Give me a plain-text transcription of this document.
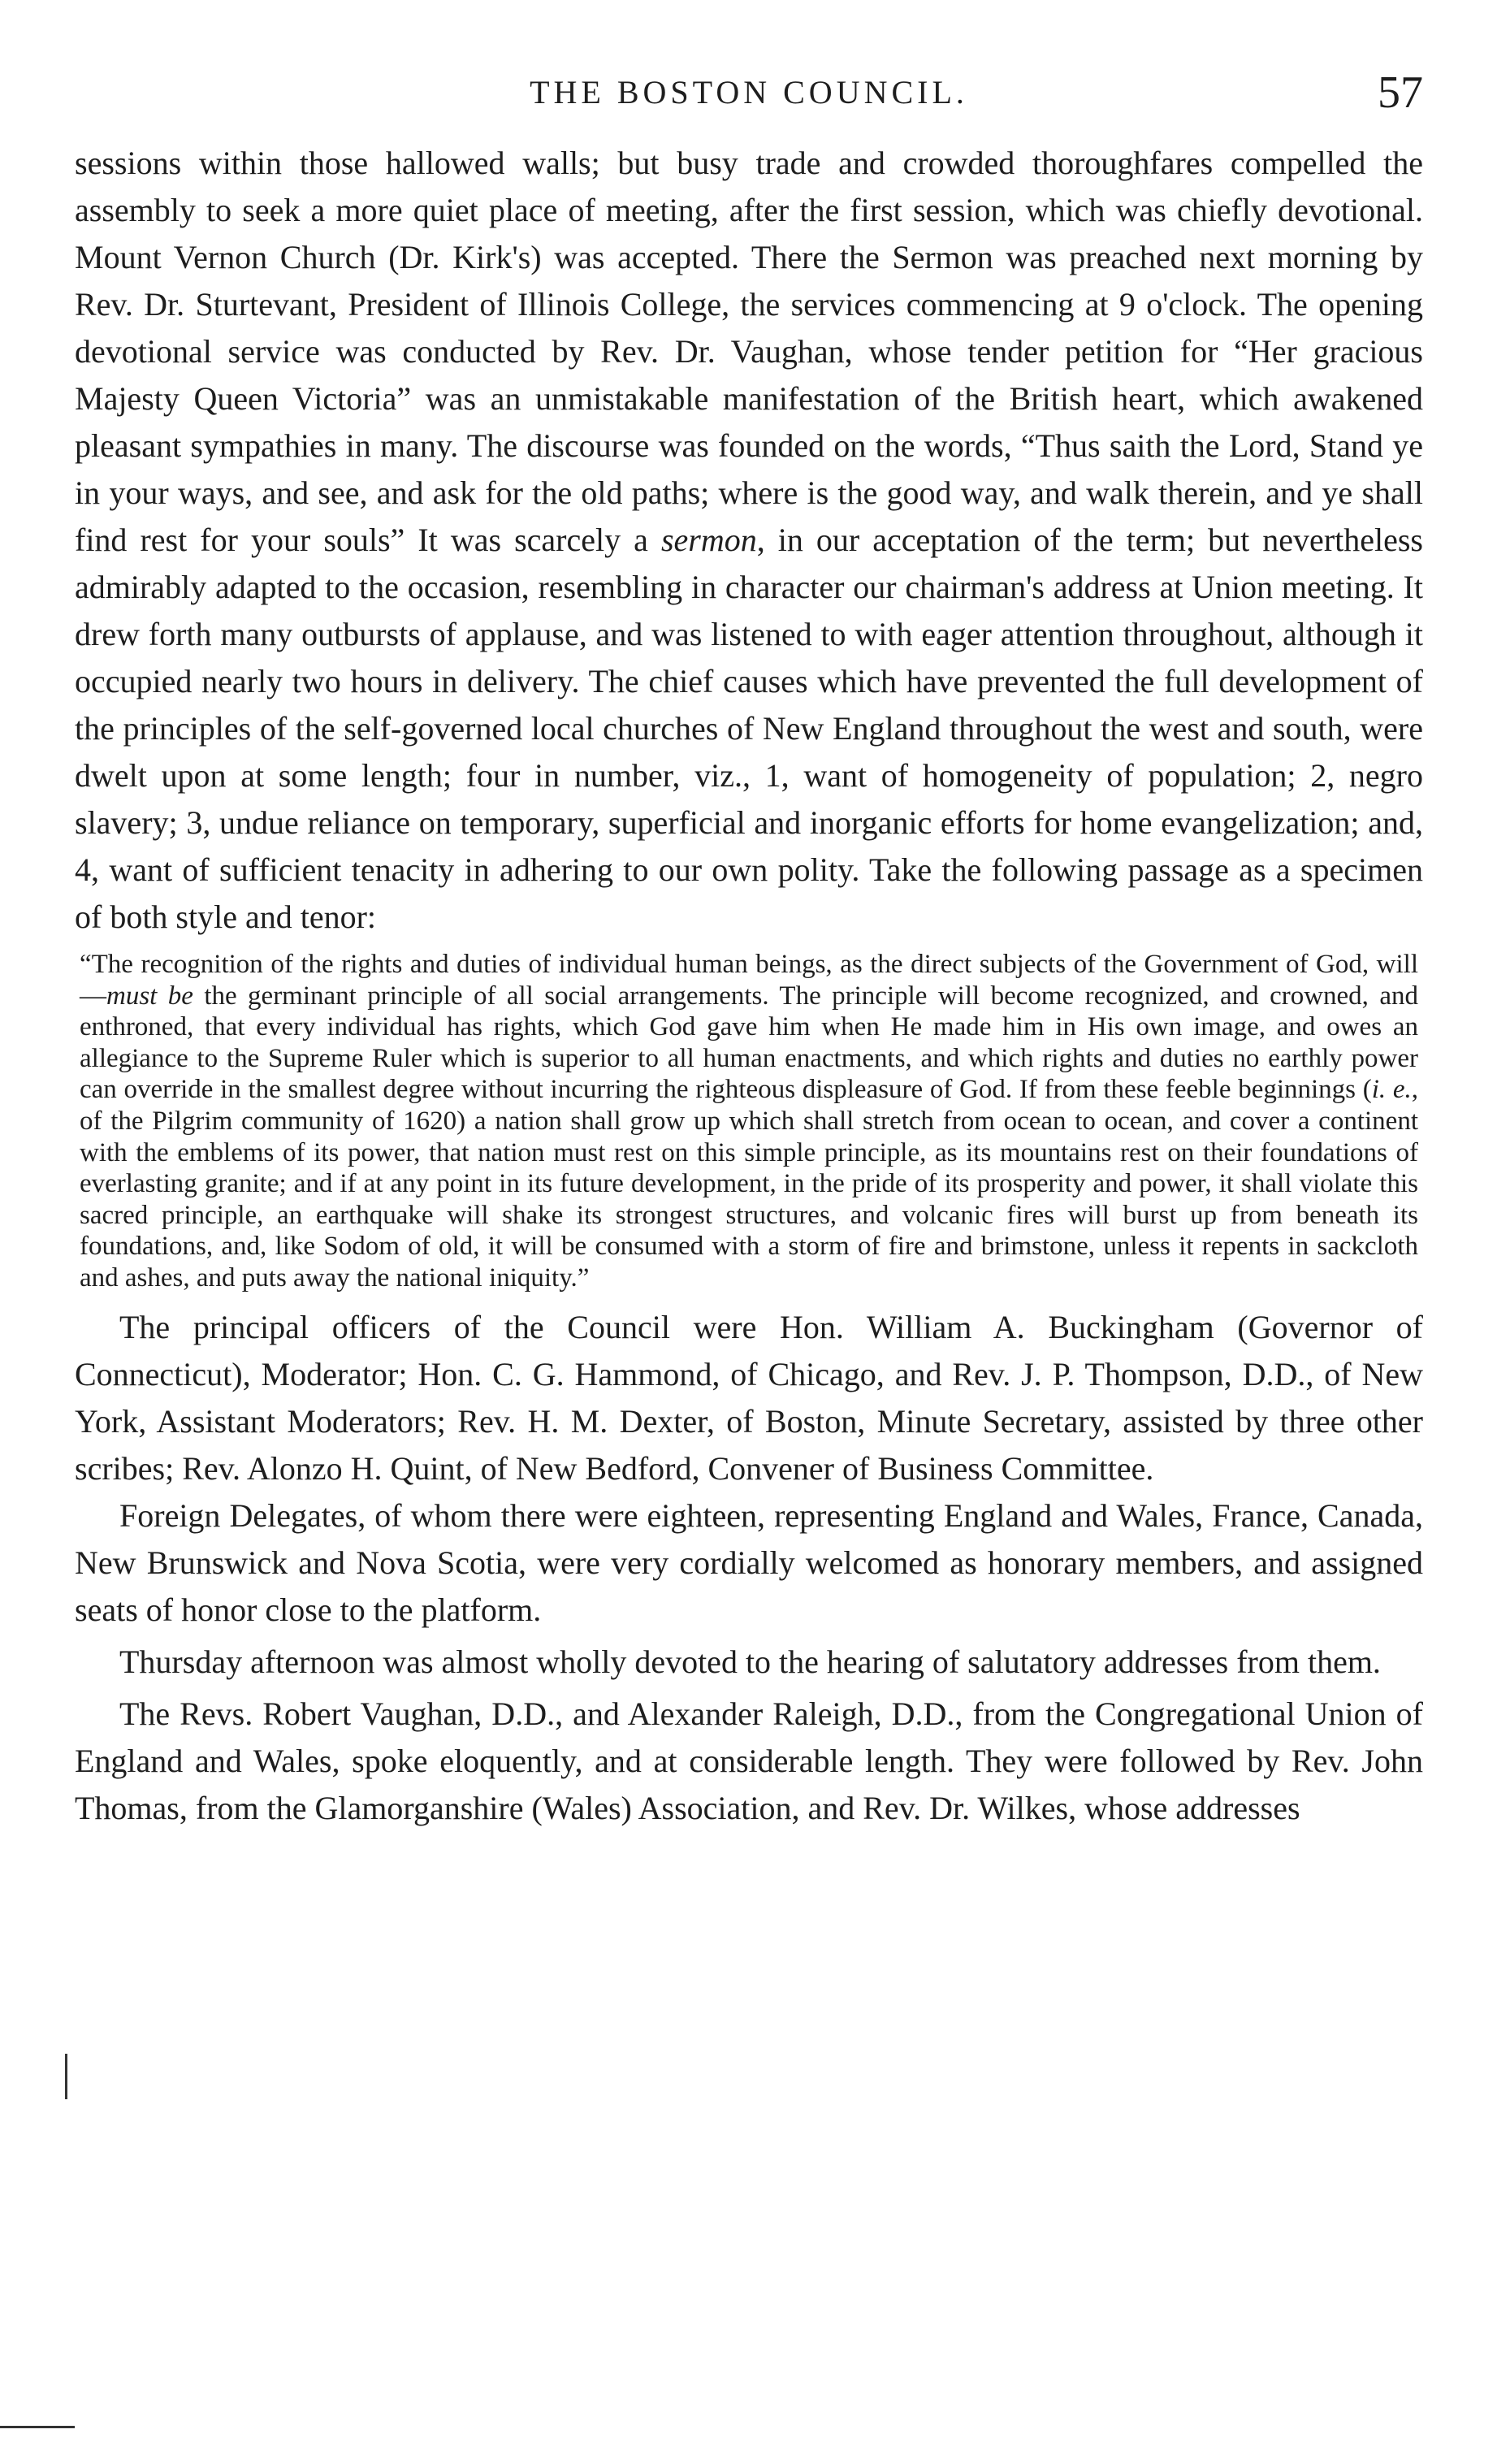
THE BOSTON COUNCIL.	57

sessions within those hallowed walls; but busy trade and crowded thoroughfares compelled the assembly to seek a more quiet place of meeting, after the first session, which was chiefly devotional. Mount Vernon Church (Dr. Kirk's) was accepted. There the Sermon was preached next morning by Rev. Dr. Sturtevant, President of Illinois College, the services commencing at 9 o'clock. The opening devotional service was conducted by Rev. Dr. Vaughan, whose tender petition for “Her gracious Majesty Queen Victoria” was an unmistakable manifestation of the British heart, which awakened pleasant sympathies in many. The discourse was founded on the words, “Thus saith the Lord, Stand ye in your ways, and see, and ask for the old paths; where is the good way, and walk therein, and ye shall find rest for your souls” It was scarcely a sermon, in our acceptation of the term; but nevertheless admirably adapted to the occasion, resembling in character our chairman's address at Union meeting. It drew forth many outbursts of applause, and was listened to with eager attention throughout, although it occupied nearly two hours in delivery. The chief causes which have prevented the full development of the principles of the self-governed local churches of New England throughout the west and south, were dwelt upon at some length; four in number, viz., 1, want of homogeneity of population; 2, negro slavery; 3, undue reliance on temporary, superficial and inorganic efforts for home evangelization; and, 4, want of sufficient tenacity in adhering to our own polity. Take the following passage as a specimen of both style and tenor:

“The recognition of the rights and duties of individual human beings, as the direct subjects of the Government of God, will—must be the germinant principle of all social arrangements. The principle will become recognized, and crowned, and enthroned, that every individual has rights, which God gave him when He made him in His own image, and owes an allegiance to the Supreme Ruler which is superior to all human enactments, and which rights and duties no earthly power can override in the smallest degree without incurring the righteous displeasure of God. If from these feeble beginnings (i. e., of the Pilgrim community of 1620) a nation shall grow up which shall stretch from ocean to ocean, and cover a continent with the emblems of its power, that nation must rest on this simple principle, as its mountains rest on their foundations of everlasting granite; and if at any point in its future development, in the pride of its prosperity and power, it shall violate this sacred principle, an earthquake will shake its strongest structures, and volcanic fires will burst up from beneath its foundations, and, like Sodom of old, it will be consumed with a storm of fire and brimstone, unless it repents in sackcloth and ashes, and puts away the national iniquity.”

The principal officers of the Council were Hon. William A. Buckingham (Governor of Connecticut), Moderator; Hon. C. G. Hammond, of Chicago, and Rev. J. P. Thompson, D.D., of New York, Assistant Moderators; Rev. H. M. Dexter, of Boston, Minute Secretary, assisted by three other scribes; Rev. Alonzo H. Quint, of New Bedford, Convener of Business Committee.

Foreign Delegates, of whom there were eighteen, representing England and Wales, France, Canada, New Brunswick and Nova Scotia, were very cordially welcomed as honorary members, and assigned seats of honor close to the platform.

Thursday afternoon was almost wholly devoted to the hearing of salutatory addresses from them.

The Revs. Robert Vaughan, D.D., and Alexander Raleigh, D.D., from the Congregational Union of England and Wales, spoke eloquently, and at considerable length. They were followed by Rev. John Thomas, from the Glamorganshire (Wales) Association, and Rev. Dr. Wilkes, whose addresses
